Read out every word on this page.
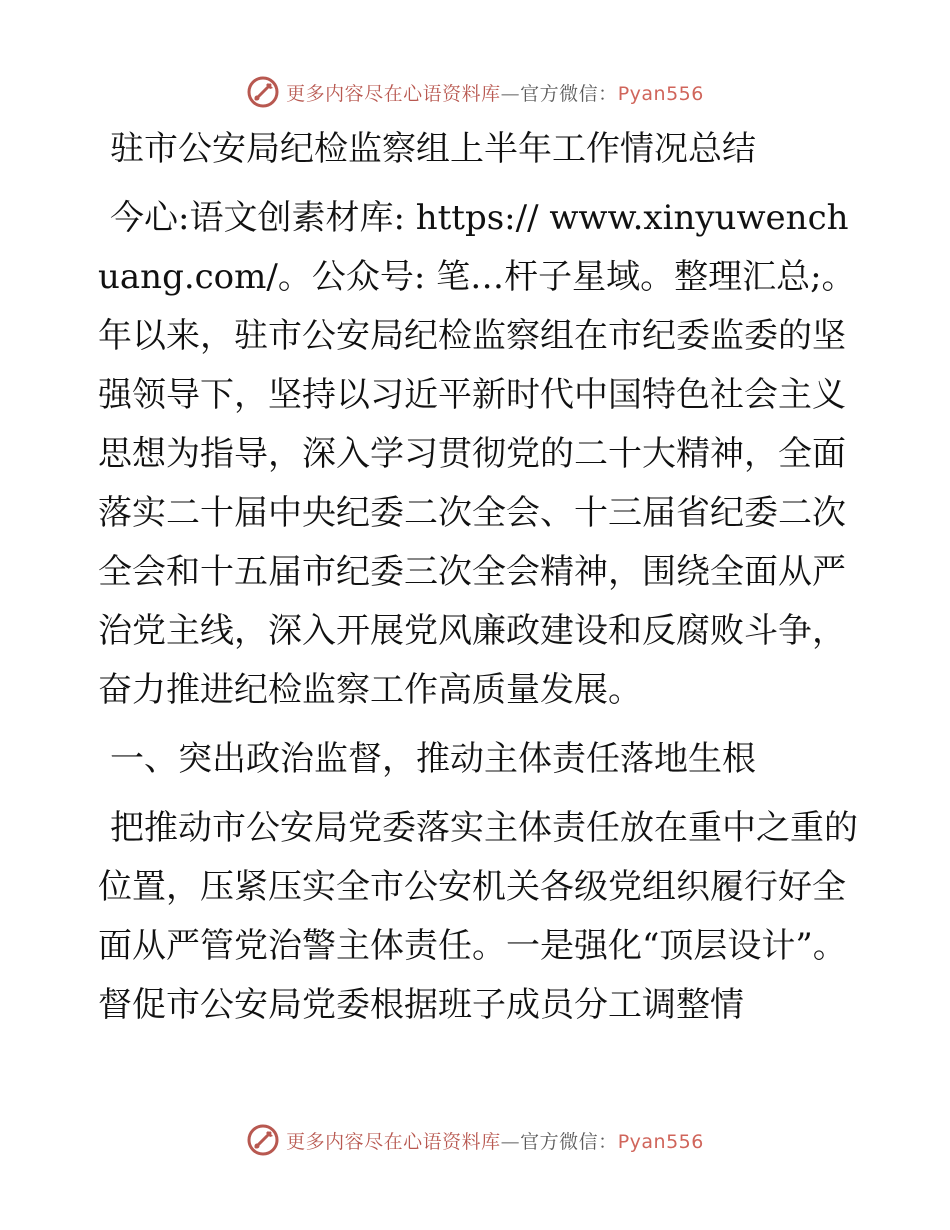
更多内容尽在心语资料库—官方微信：Pyan556

驻市公安局纪检监察组上半年工作情况总结

今心:语文创素材库: https:// www.xinyuwenchuang.com/。公众号: 笔…杆子星域。整理汇总;。年以来，驻市公安局纪检监察组在市纪委监委的坚强领导下，坚持以习近平新时代中国特色社会主义思想为指导，深入学习贯彻党的二十大精神，全面落实二十届中央纪委二次全会、十三届省纪委二次全会和十五届市纪委三次全会精神，围绕全面从严治党主线，深入开展党风廉政建设和反腐败斗争，奋力推进纪检监察工作高质量发展。

一、突出政治监督，推动主体责任落地生根

把推动市公安局党委落实主体责任放在重中之重的位置，压紧压实全市公安机关各级党组织履行好全面从严管党治警主体责任。一是强化“顶层设计”。督促市公安局党委根据班子成员分工调整情

更多内容尽在心语资料库—官方微信：Pyan556
